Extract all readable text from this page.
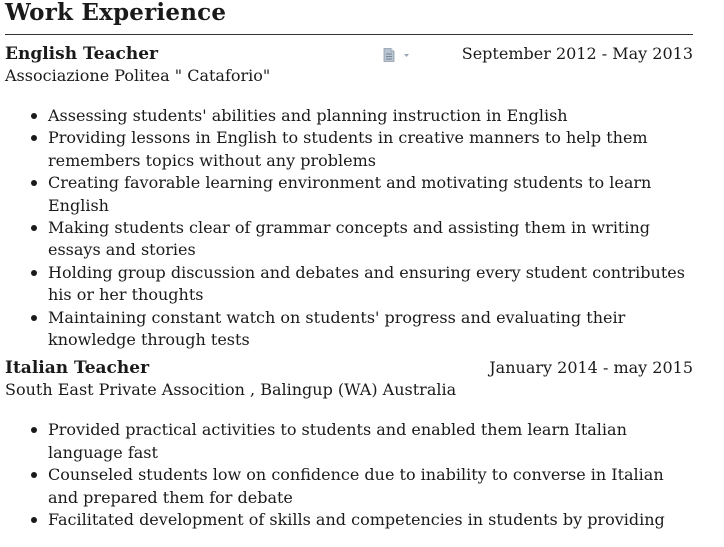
Work Experience
English Teacher	September 2012 - May 2013

Associazione Politea " Cataforio"

Assessing students' abilities and planning instruction in English
Providing lessons in English to students in creative manners to help them remembers topics without any problems
Creating favorable learning environment and motivating students to learn English
Making students clear of grammar concepts and assisting them in writing essays and stories
Holding group discussion and debates and ensuring every student contributes his or her thoughts
Maintaining constant watch on students' progress and evaluating their knowledge through tests
Italian Teacher	January 2014 - may 2015

South East Private Assocition , Balingup (WA) Australia

Provided practical activities to students and enabled them learn Italian language fast
Counseled students low on confidence due to inability to converse in Italian and prepared them for debate
Facilitated development of skills and competencies in students by providing
